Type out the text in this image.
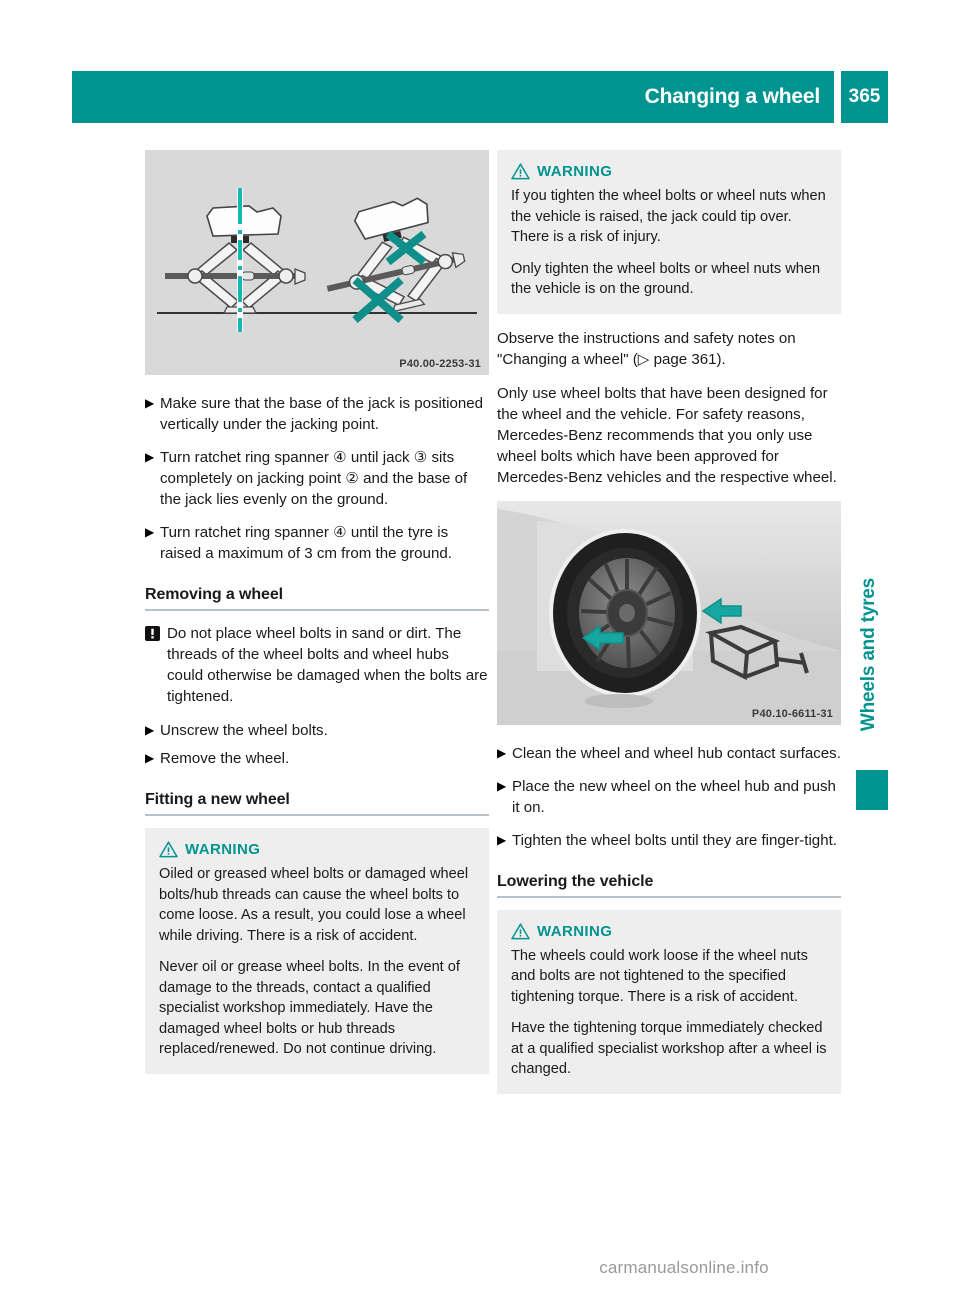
Changing a wheel	365
P40.00-2253-31
▶ Make sure that the base of the jack is positioned vertically under the jacking point.
▶ Turn ratchet ring spanner ④ until jack ③ sits completely on jacking point ② and the base of the jack lies evenly on the ground.
▶ Turn ratchet ring spanner ④ until the tyre is raised a maximum of 3 cm from the ground.
Removing a wheel
Do not place wheel bolts in sand or dirt. The threads of the wheel bolts and wheel hubs could otherwise be damaged when the bolts are tightened.
▶ Unscrew the wheel bolts.
▶ Remove the wheel.
Fitting a new wheel
WARNING
Oiled or greased wheel bolts or damaged wheel bolts/hub threads can cause the wheel bolts to come loose. As a result, you could lose a wheel while driving. There is a risk of accident.
Never oil or grease wheel bolts. In the event of damage to the threads, contact a qualified specialist workshop immediately. Have the damaged wheel bolts or hub threads replaced/renewed. Do not continue driving.
WARNING
If you tighten the wheel bolts or wheel nuts when the vehicle is raised, the jack could tip over. There is a risk of injury.
Only tighten the wheel bolts or wheel nuts when the vehicle is on the ground.
Observe the instructions and safety notes on "Changing a wheel" (▷ page 361).
Only use wheel bolts that have been designed for the wheel and the vehicle. For safety reasons, Mercedes-Benz recommends that you only use wheel bolts which have been approved for Mercedes-Benz vehicles and the respective wheel.
P40.10-6611-31
▶ Clean the wheel and wheel hub contact surfaces.
▶ Place the new wheel on the wheel hub and push it on.
▶ Tighten the wheel bolts until they are finger-tight.
Lowering the vehicle
WARNING
The wheels could work loose if the wheel nuts and bolts are not tightened to the specified tightening torque. There is a risk of accident.
Have the tightening torque immediately checked at a qualified specialist workshop after a wheel is changed.
Wheels and tyres
carmanualsonline.info
